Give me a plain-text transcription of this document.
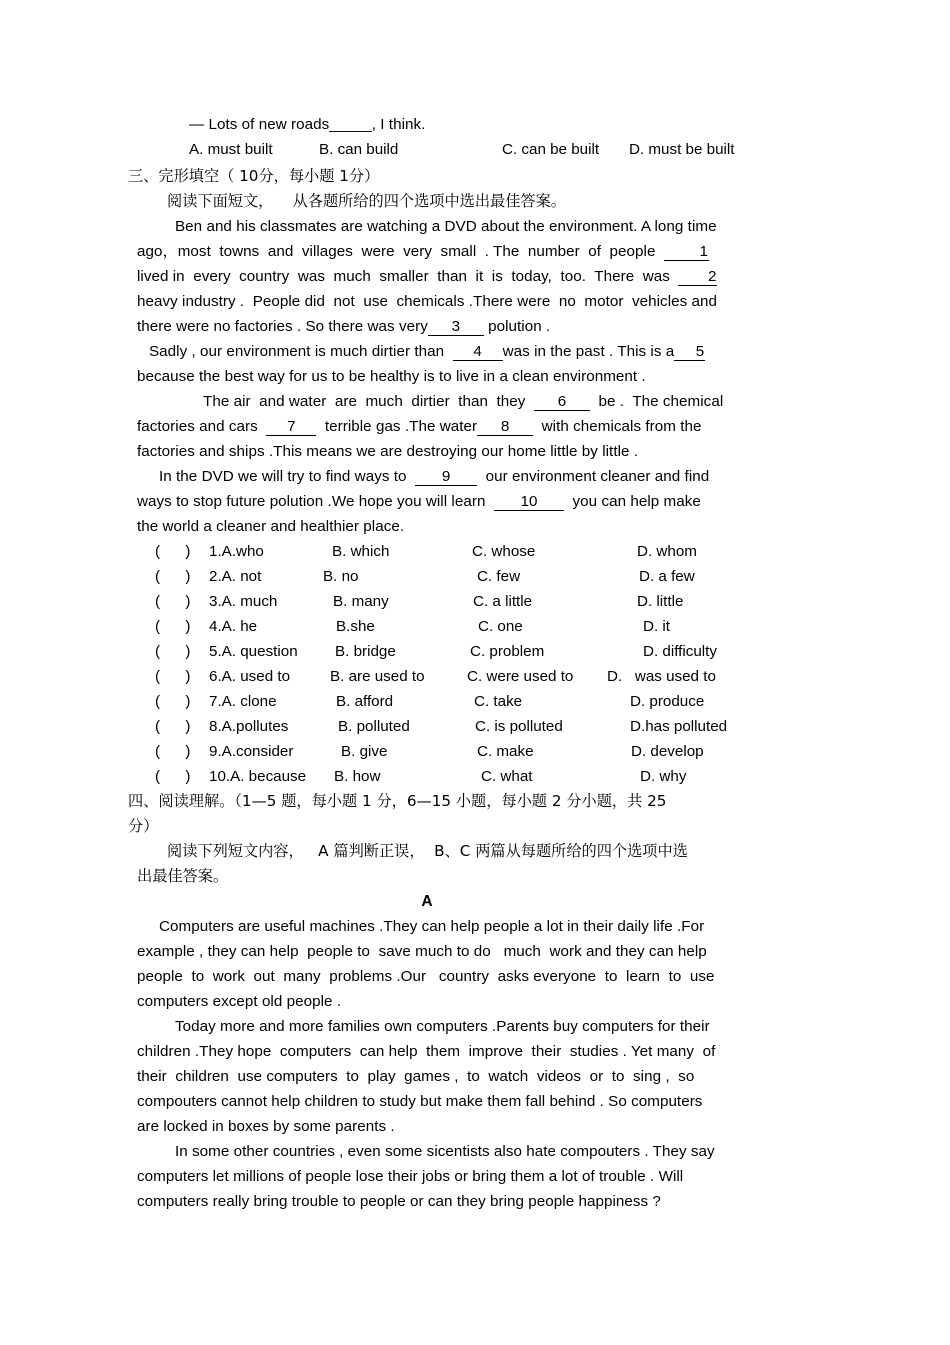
— Lots of new roads_____, I think.

A. must built

	B. can build

	C. can be built

D. must be built

三、完形填空（ 10分，每小题 1分）
阅读下面短文，    从各题所给的四个选项中选出最佳答案。
Ben and his classmates are watching a DVD about the environment. A long time
ago，most  towns  and  villages  were  very  small  . The  number  of  people  1
lived in  every  country  was  much  smaller  than  it  is  today,  too.  There  was  2
heavy industry .  People did  not  use  chemicals .There were  no  motor  vehicles and
there were no factories . So there was very 3 polution .
Sadly , our environment is much dirtier than  4 was in the past . This is a 5
because the best way for us to be healthy is to live in a clean environment .
The air  and water  are  much  dirtier  than  they  6  be .  The chemical
factories and cars  7  terrible gas .The water 8  with chemicals from the
factories and ships .This means we are destroying our home little by little .
In the DVD we will try to find ways to  9  our environment cleaner and find
ways to stop future polution .We hope you will learn  10  you can help make
the world a cleaner and healthier place.
(      ) 1.A.who	B. which	C. whose	D. whom
(      ) 2.A. not	B. no	C. few	D. a few
(      ) 3.A. much	B. many	C. a little	D. little
(      ) 4.A. he	B.she	C. one	D. it
(      ) 5.A. question B. bridge	C. problem	D. difficulty
(      ) 6.A. used to	B. are used to	C. were used to D.   was used to
(      ) 7.A. clone	B. afford	C. take	D. produce
(      ) 8.A.pollutes	B. polluted	C. is polluted	D.has polluted
(      ) 9.A.consider	B. give	C. make	D. develop
(      ) 10.A. because B. how	C. what	D. why
四、阅读理解。（1—5 题，每小题 1 分，6—15 小题，每小题 2 分小题，共 25
分）
阅读下列短文内容，   A 篇判断正误，  B、C 两篇从每题所给的四个选项中选
出最佳答案。
A
Computers are useful machines .They can help people a lot in their daily life .For
example , they can help  people to  save much to do   much  work and they can help
people  to  work  out  many  problems .Our   country  asks everyone  to  learn  to  use
computers except old people .
Today more and more families own computers .Parents buy computers for their
children .They hope  computers  can help  them  improve  their  studies . Yet many  of
their  children  use computers  to  play  games ,  to  watch  videos  or  to  sing ,  so
compouters cannot help children to study but make them fall behind . So computers
are locked in boxes by some parents .
In some other countries , even some sicentists also hate compouters . They say
computers let millions of people lose their jobs or bring them a lot of trouble . Will
computers really bring trouble to people or can they bring people happiness ?
